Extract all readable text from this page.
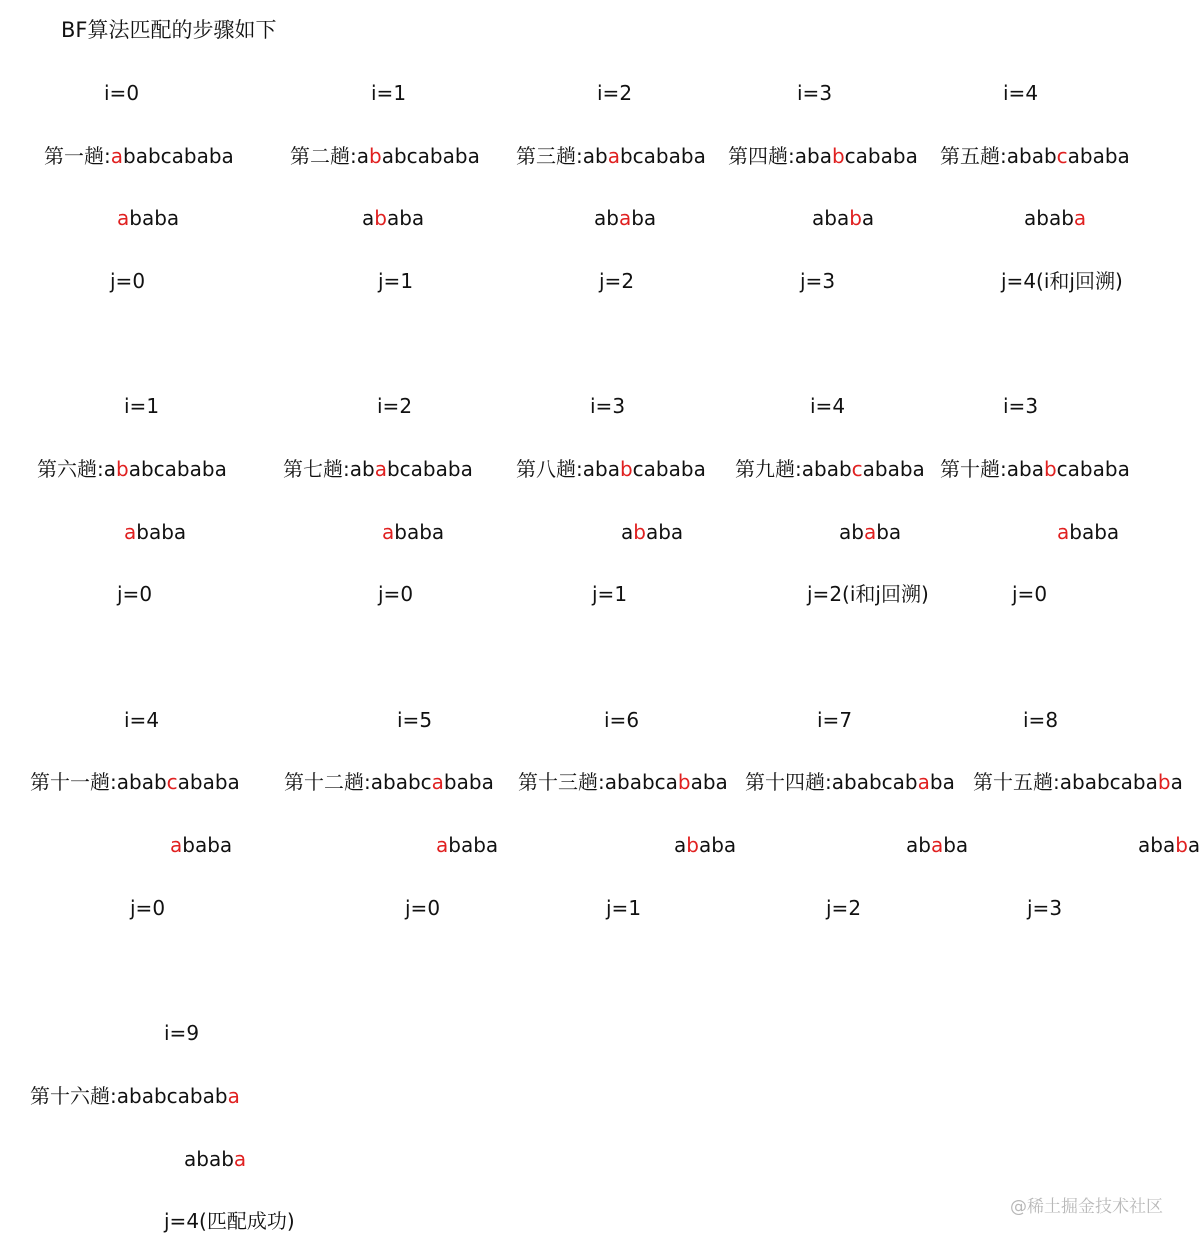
BF算法匹配的步骤如下
i=0
第一趟:ababcababa
ababa
j=0
i=1
第二趟:ababcababa
ababa
j=1
i=2
第三趟:ababcababa
ababa
j=2
i=3
第四趟:ababcababa
ababa
j=3
i=4
第五趟:ababcababa
ababa
j=4(i和j回溯)
i=1
第六趟:ababcababa
ababa
j=0
i=2
第七趟:ababcababa
ababa
j=0
i=3
第八趟:ababcababa
ababa
j=1
i=4
第九趟:ababcababa
ababa
j=2(i和j回溯)
i=3
第十趟:ababcababa
ababa
j=0
i=4
第十一趟:ababcababa
ababa
j=0
i=5
第十二趟:ababcababa
ababa
j=0
i=6
第十三趟:ababcababa
ababa
j=1
i=7
第十四趟:ababcababa
ababa
j=2
i=8
第十五趟:ababcababa
ababa
j=3
i=9
第十六趟:ababcababa
ababa
j=4(匹配成功)
@稀土掘金技术社区
